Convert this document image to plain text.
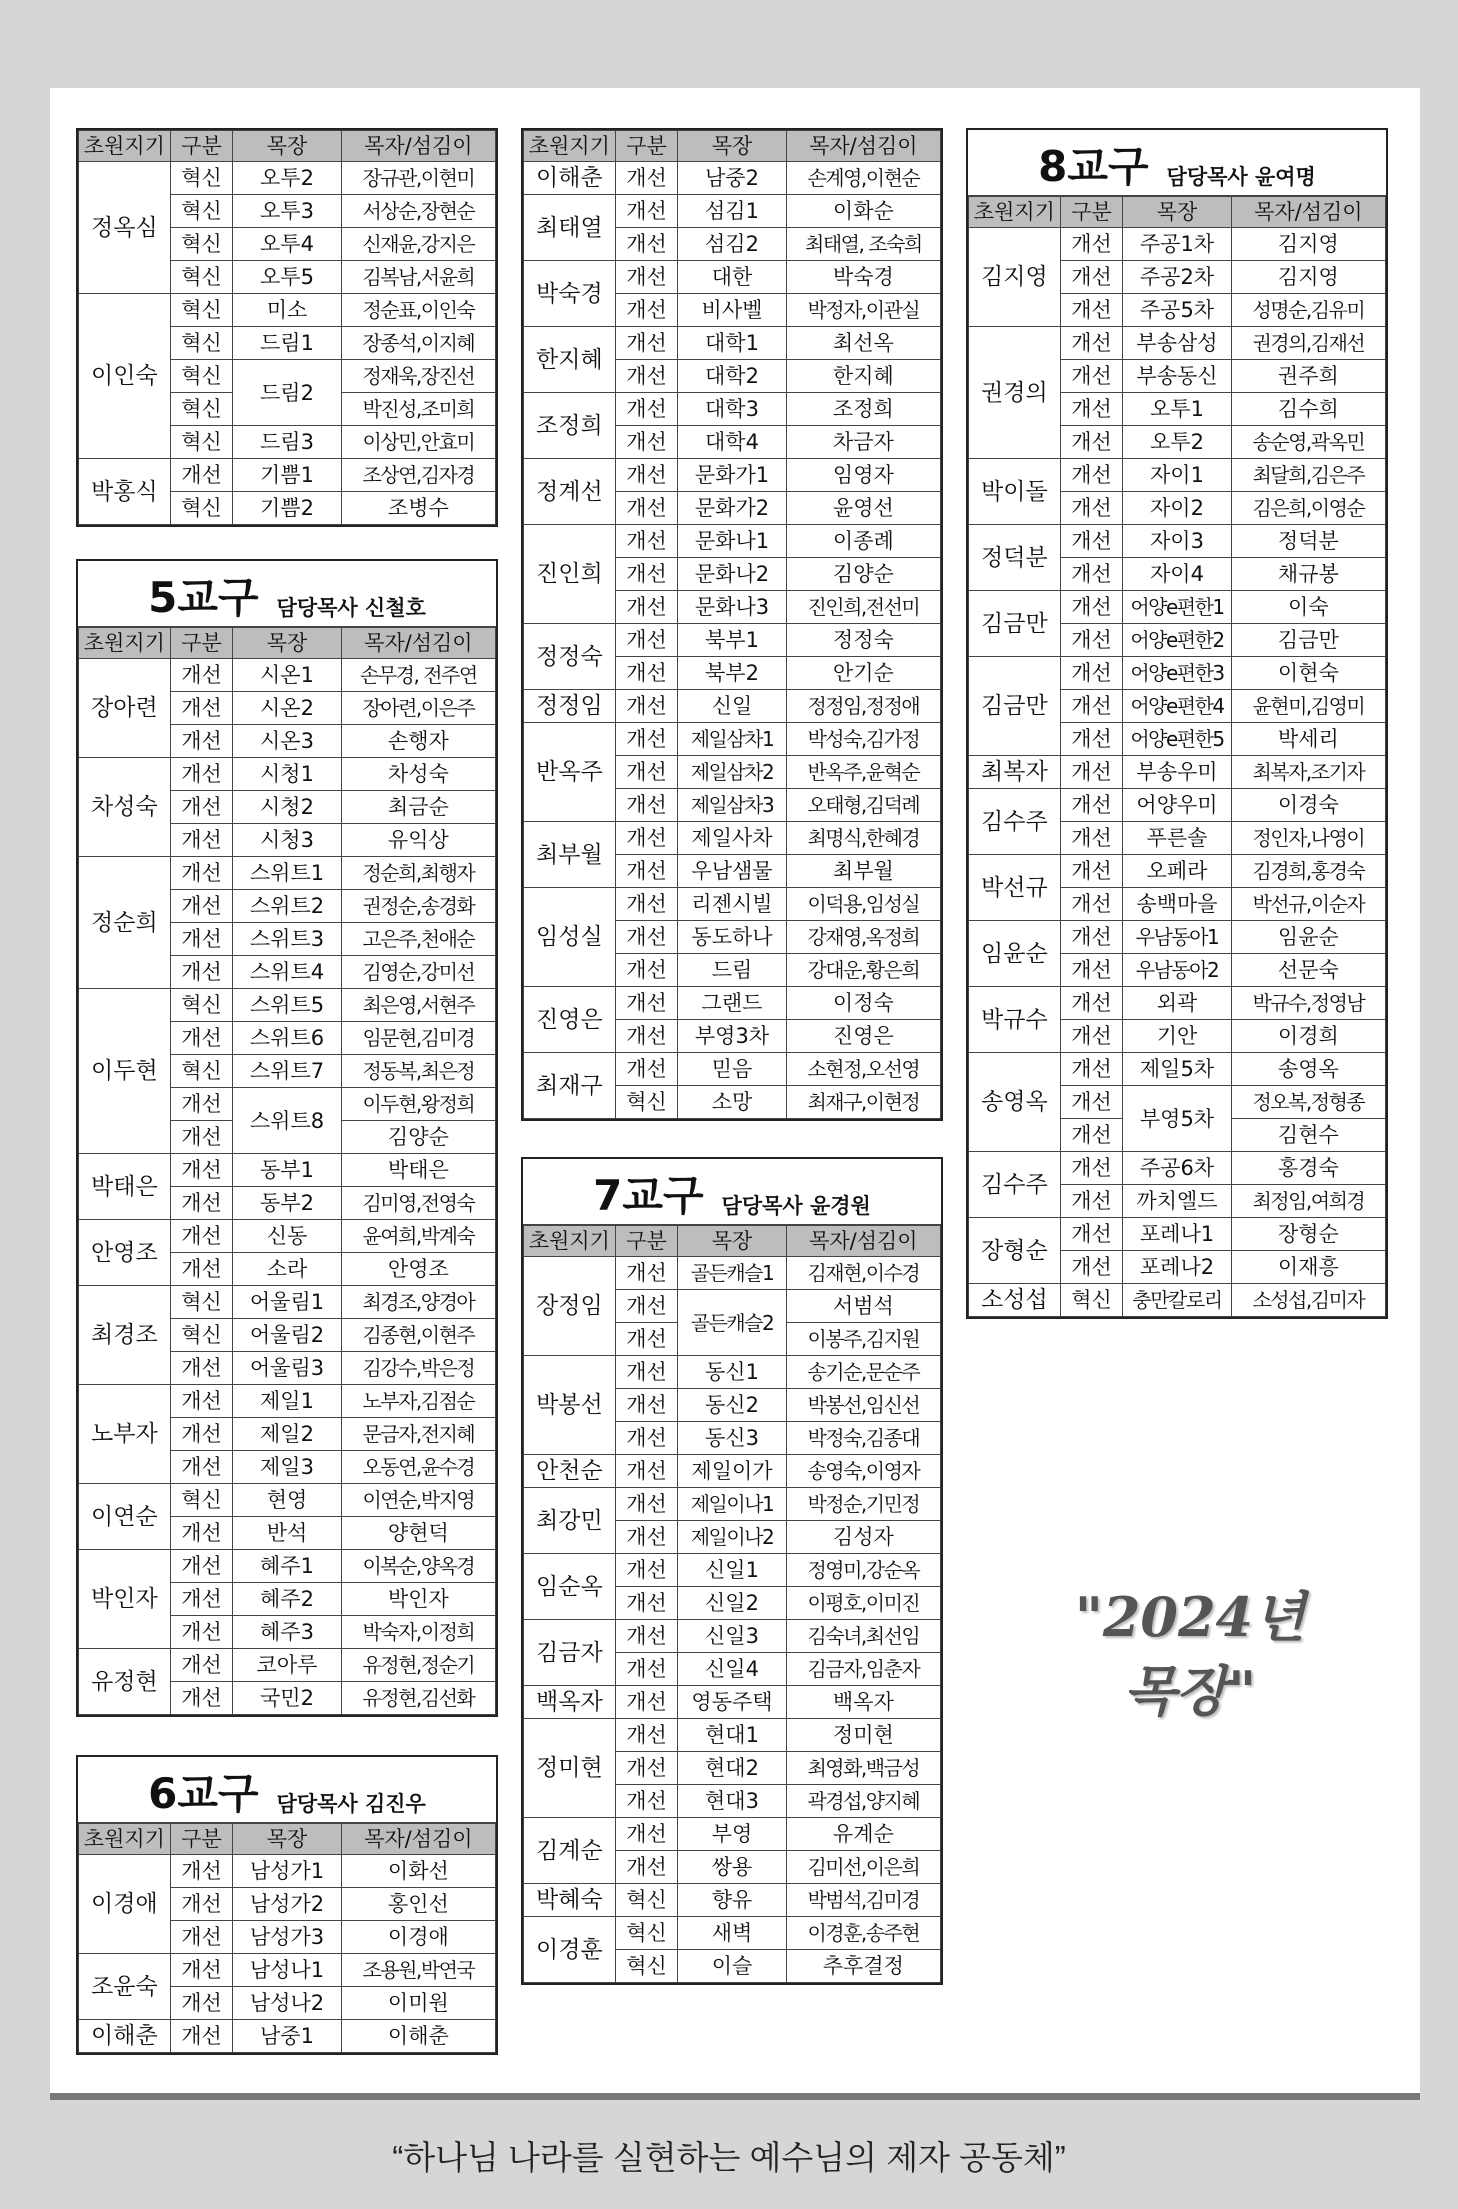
초원지기	구분	목장	목자/섬김이
정옥심	혁신	오투2	장규관,이현미
	혁신	오투3	서상순,장현순
	혁신	오투4	신재윤,강지은
	혁신	오투5	김복남,서윤희
이인숙	혁신	미소	정순표,이인숙
	혁신	드림1	장종석,이지혜
	혁신	드림2	정재욱,장진선
	혁신		박진성,조미희
	혁신	드림3	이상민,안효미
박홍식	개선	기쁨1	조상연,김자경
	혁신	기쁨2	조병수
5교구 담당목사 신철호
초원지기	구분	목장	목자/섬김이
장아련	개선	시온1	손무경, 전주연
	개선	시온2	장아련,이은주
	개선	시온3	손행자
차성숙	개선	시청1	차성숙
	개선	시청2	최금순
	개선	시청3	유익상
정순희	개선	스위트1	정순희,최행자
	개선	스위트2	권정순,송경화
	개선	스위트3	고은주,천애순
	개선	스위트4	김영순,강미선
이두현	혁신	스위트5	최은영,서현주
	개선	스위트6	임문현,김미경
	혁신	스위트7	정동복,최은정
	개선	스위트8	이두현,왕정희
	개선		김양순
박태은	개선	동부1	박태은
	개선	동부2	김미영,전영숙
안영조	개선	신동	윤여희,박계숙
	개선	소라	안영조
최경조	혁신	어울림1	최경조,양경아
	혁신	어울림2	김종현,이현주
	개선	어울림3	김강수,박은정
노부자	개선	제일1	노부자,김점순
	개선	제일2	문금자,전지혜
	개선	제일3	오동연,윤수경
이연순	혁신	현영	이연순,박지영
	개선	반석	양현덕
박인자	개선	혜주1	이복순,양옥경
	개선	혜주2	박인자
	개선	혜주3	박숙자,이정희
유정현	개선	코아루	유정현,정순기
	개선	국민2	유정현,김선화
6교구 담당목사 김진우
초원지기	구분	목장	목자/섬김이
이경애	개선	남성가1	이화선
	개선	남성가2	홍인선
	개선	남성가3	이경애
조윤숙	개선	남성나1	조용원,박연국
	개선	남성나2	이미원
이해춘	개선	남중1	이해춘
초원지기	구분	목장	목자/섬김이
이해춘	개선	남중2	손계영,이현순
최태열	개선	섬김1	이화순
	개선	섬김2	최태열, 조숙희
박숙경	개선	대한	박숙경
	개선	비사벨	박정자,이관실
한지혜	개선	대학1	최선옥
	개선	대학2	한지혜
조정희	개선	대학3	조정희
	개선	대학4	차금자
정계선	개선	문화가1	임영자
	개선	문화가2	윤영선
진인희	개선	문화나1	이종례
	개선	문화나2	김양순
	개선	문화나3	진인희,전선미
정정숙	개선	북부1	정정숙
	개선	북부2	안기순
정정임	개선	신일	정정임,정정애
반옥주	개선	제일삼차1	박성숙,김가정
	개선	제일삼차2	반옥주,윤혁순
	개선	제일삼차3	오태형,김덕례
최부월	개선	제일사차	최명식,한혜경
	개선	우남샘물	최부월
임성실	개선	리젠시빌	이덕용,임성실
	개선	동도하나	강재영,옥정희
	개선	드림	강대운,황은희
진영은	개선	그랜드	이정숙
	개선	부영3차	진영은
최재구	개선	믿음	소현정,오선영
	혁신	소망	최재구,이현정
7교구 담당목사 윤경원
초원지기	구분	목장	목자/섬김이
장정임	개선	골든캐슬1	김재현,이수경
	개선	골든캐슬2	서범석
	개선		이봉주,김지원
박봉선	개선	동신1	송기순,문순주
	개선	동신2	박봉선,임신선
	개선	동신3	박정숙,김종대
안천순	개선	제일이가	송영숙,이영자
최강민	개선	제일이나1	박정순,기민정
	개선	제일이나2	김성자
임순옥	개선	신일1	정영미,강순옥
	개선	신일2	이평호,이미진
김금자	개선	신일3	김숙녀,최선임
	개선	신일4	김금자,임춘자
백옥자	개선	영동주택	백옥자
정미현	개선	현대1	정미현
	개선	현대2	최영화,백금성
	개선	현대3	곽경섭,양지혜
김계순	개선	부영	유계순
	개선	쌍용	김미선,이은희
박혜숙	혁신	향유	박범석,김미경
이경훈	혁신	새벽	이경훈,송주현
	혁신	이슬	추후결정
8교구 담당목사 윤여명
초원지기	구분	목장	목자/섬김이
김지영	개선	주공1차	김지영
	개선	주공2차	김지영
	개선	주공5차	성명순,김유미
권경의	개선	부송삼성	권경의,김재선
	개선	부송동신	권주희
	개선	오투1	김수희
	개선	오투2	송순영,곽옥민
박이돌	개선	자이1	최달희,김은주
	개선	자이2	김은희,이영순
정덕분	개선	자이3	정덕분
	개선	자이4	채규봉
김금만	개선	어양e편한1	이숙
	개선	어양e편한2	김금만
김금만	개선	어양e편한3	이현숙
	개선	어양e편한4	윤현미,김영미
	개선	어양e편한5	박세리
최복자	개선	부송우미	최복자,조기자
김수주	개선	어양우미	이경숙
	개선	푸른솔	정인자,나영이
박선규	개선	오페라	김경희,홍경숙
	개선	송백마을	박선규,이순자
임윤순	개선	우남동아1	임윤순
	개선	우남동아2	선문숙
박규수	개선	외곽	박규수,정영남
	개선	기안	이경희
송영옥	개선	제일5차	송영옥
	개선	부영5차	정오복,정형종
	개선		김현수
김수주	개선	주공6차	홍경숙
	개선	까치엘드	최정임,여희경
장형순	개선	포레나1	장형순
	개선	포레나2	이재흥
소성섭	혁신	충만칼로리	소성섭,김미자
"2024년
목장"
“하나님 나라를 실현하는 예수님의 제자 공동체”
